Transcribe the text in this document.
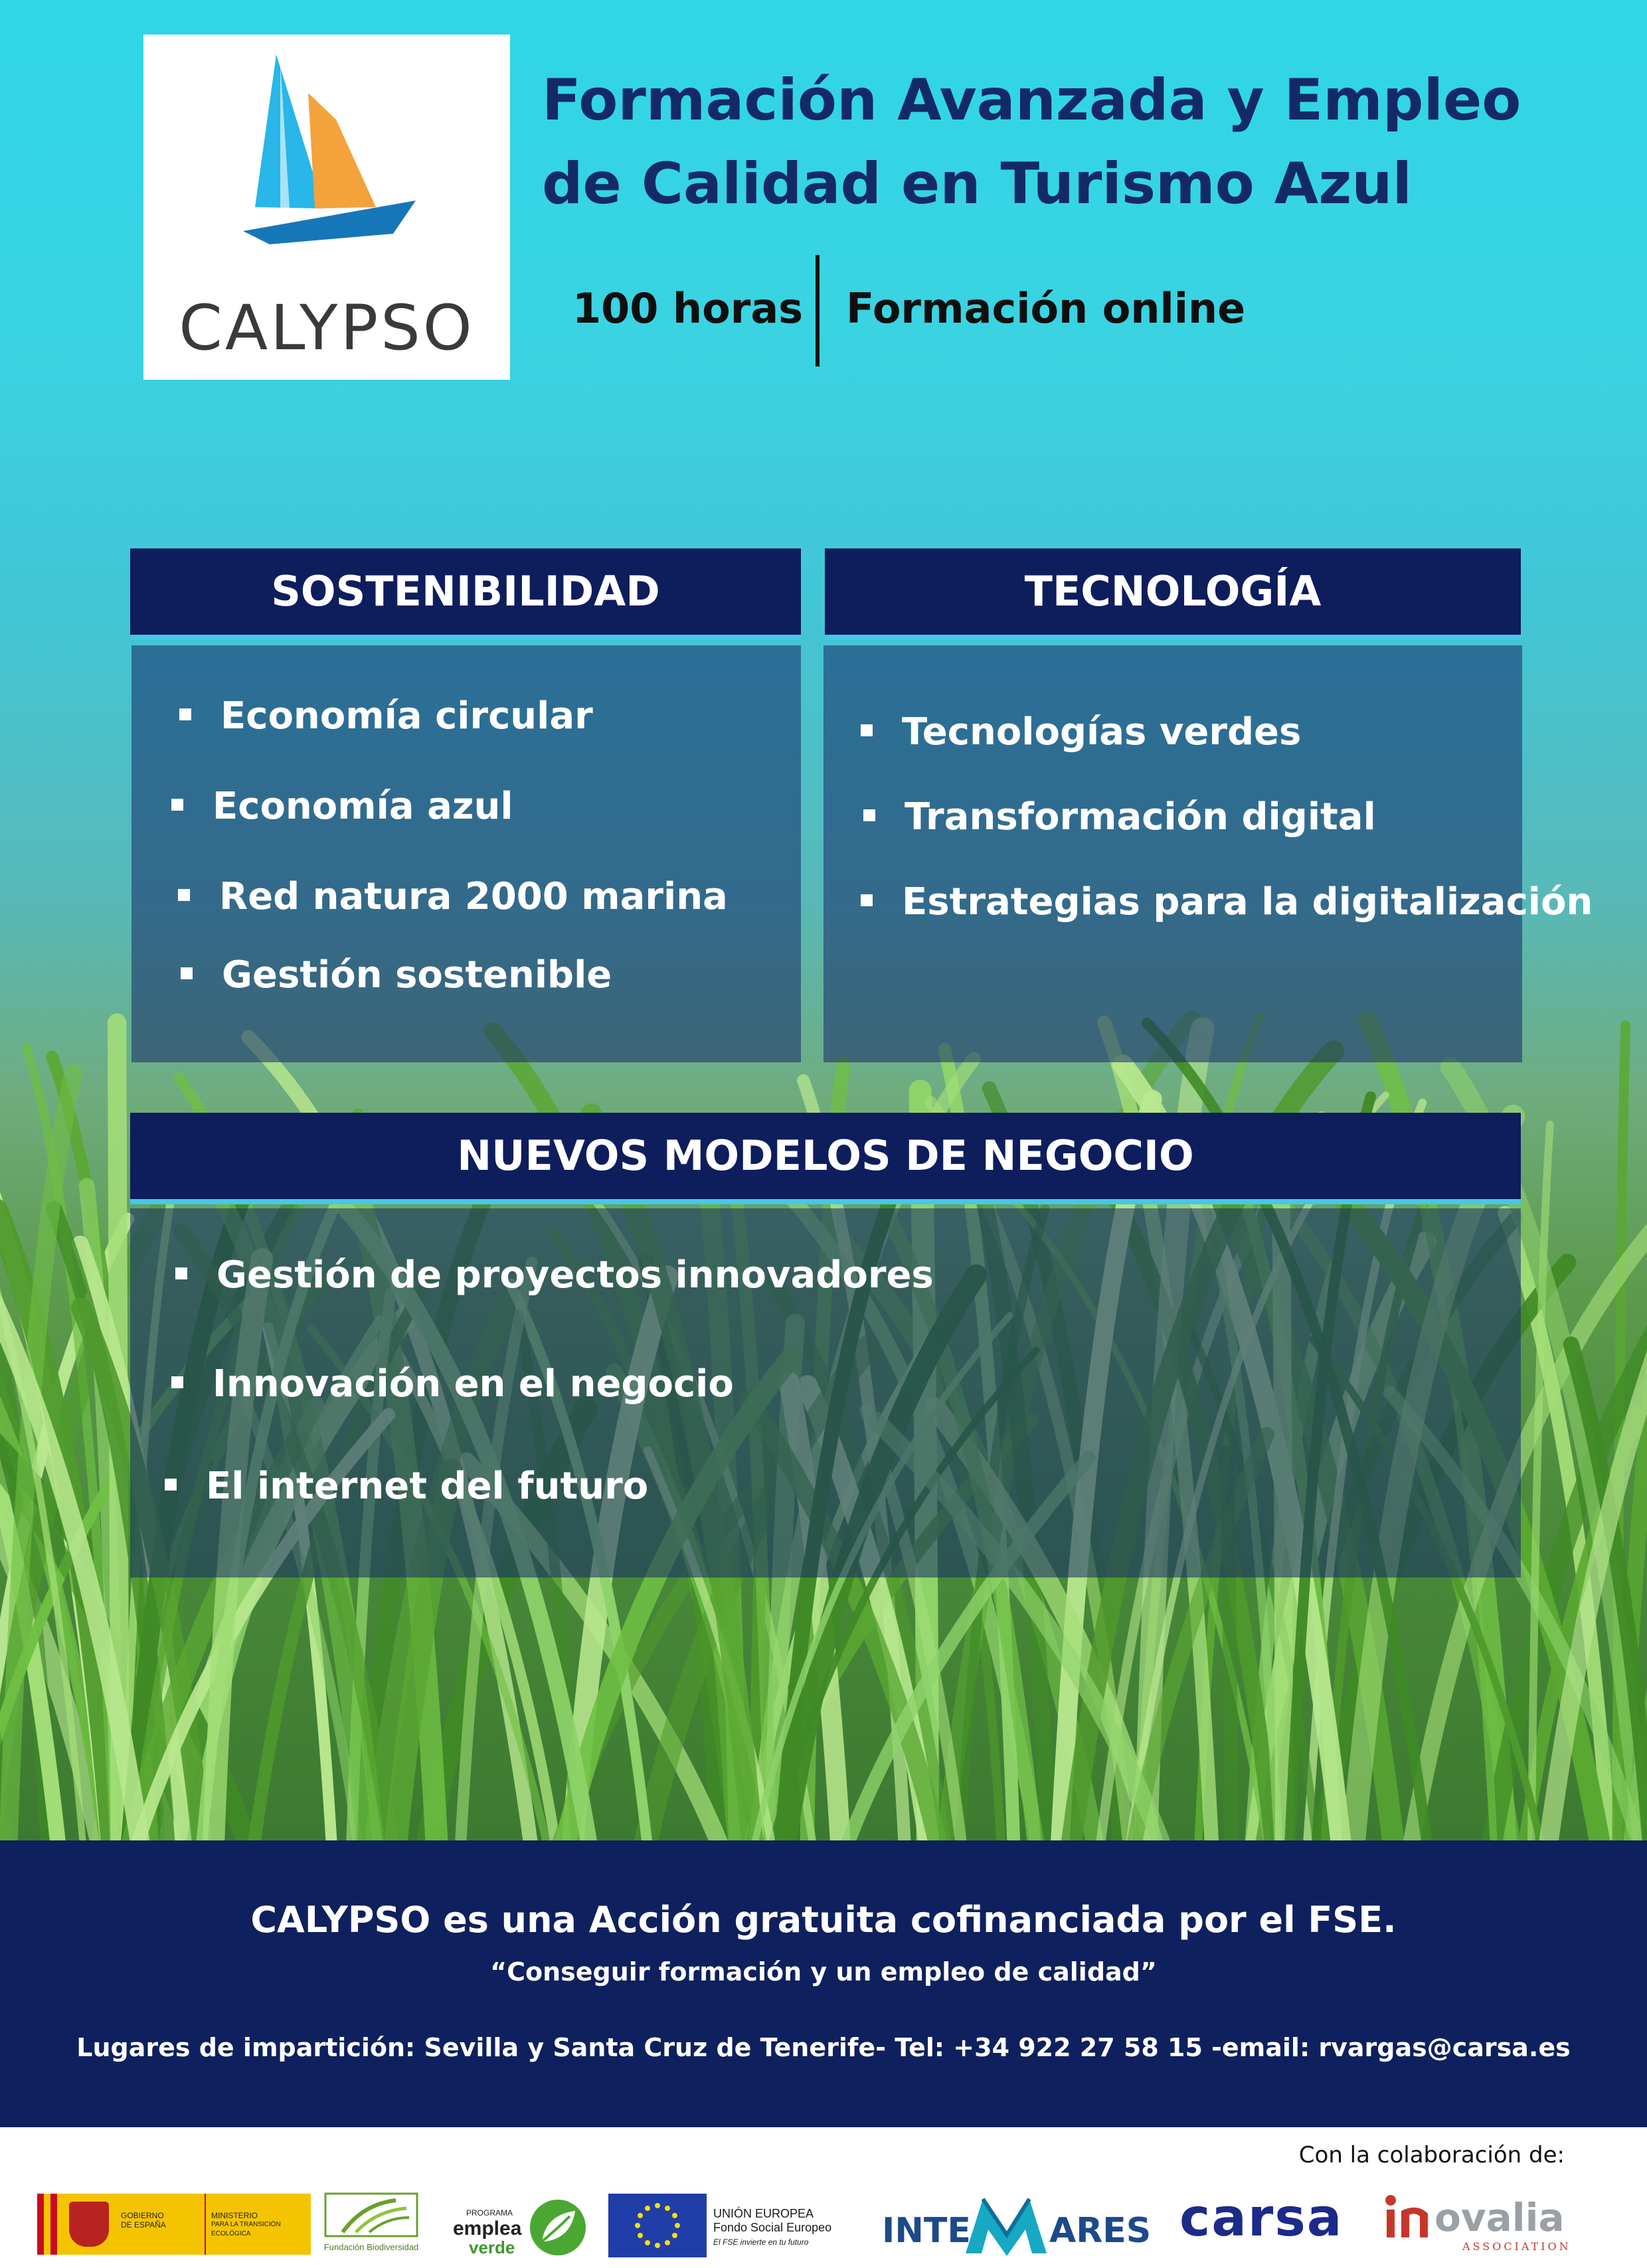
CALYPSO
Formación Avanzada y Empleo
de Calidad en Turismo Azul
100 horas Formación online
SOSTENIBILIDAD
Economía circular
Economía azul
Red natura 2000 marina
Gestión sostenible
TECNOLOGÍA
Tecnologías verdes
Transformación digital
Estrategias para la digitalización
NUEVOS MODELOS DE NEGOCIO
Gestión de proyectos innovadores
Innovación en el negocio
El internet del futuro
CALYPSO es una Acción gratuita cofinanciada por el FSE.
“Conseguir formación y un empleo de calidad”
Lugares de impartición: Sevilla y Santa Cruz de Tenerife- Tel: +34 922 27 58 15 -email: rvargas@carsa.es
Con la colaboración de:
GOBIERNO
DE ESPAÑA
MINISTERIO
PARA LA TRANSICIÓN ECOLÓGICA
Fundación Biodiversidad
PROGRAMA
emplea
verde
UNIÓN EUROPEA
Fondo Social Europeo
El FSE invierte en tu futuro	INTE ARES carsa	ovalia
ASSOCIATION
